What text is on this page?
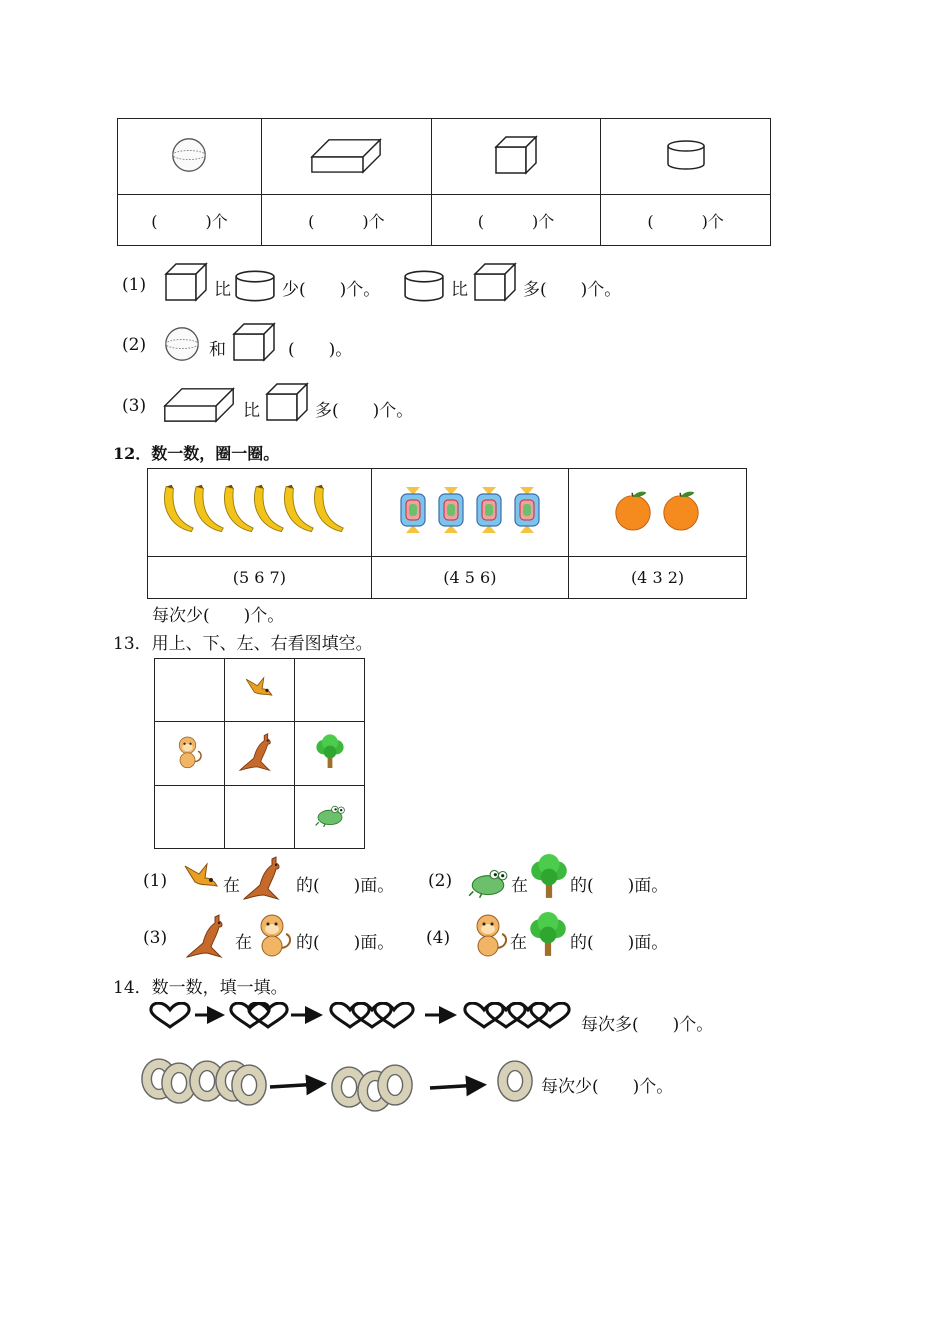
(　　　)个	(　　　)个	(　　　)个	(　　　)个
(1)	比	少(　　)个。	比	多(　　)个。
(2)	和	(　　)。
(3)	比	多(　　)个。
12．数一数，圈一圈。

(5 6 7)	(4 5 6)	(4 3 2)
每次少(　　)个。
13．用上、下、左、右看图填空。

(1)	在	的(　　)面。 (2)	在 的(　　)面。
(3)	在	的(　　)面。 (4)	在	的(　　)面。
14．数一数，填一填。
每次多(　　)个。
每次少(　　)个。
